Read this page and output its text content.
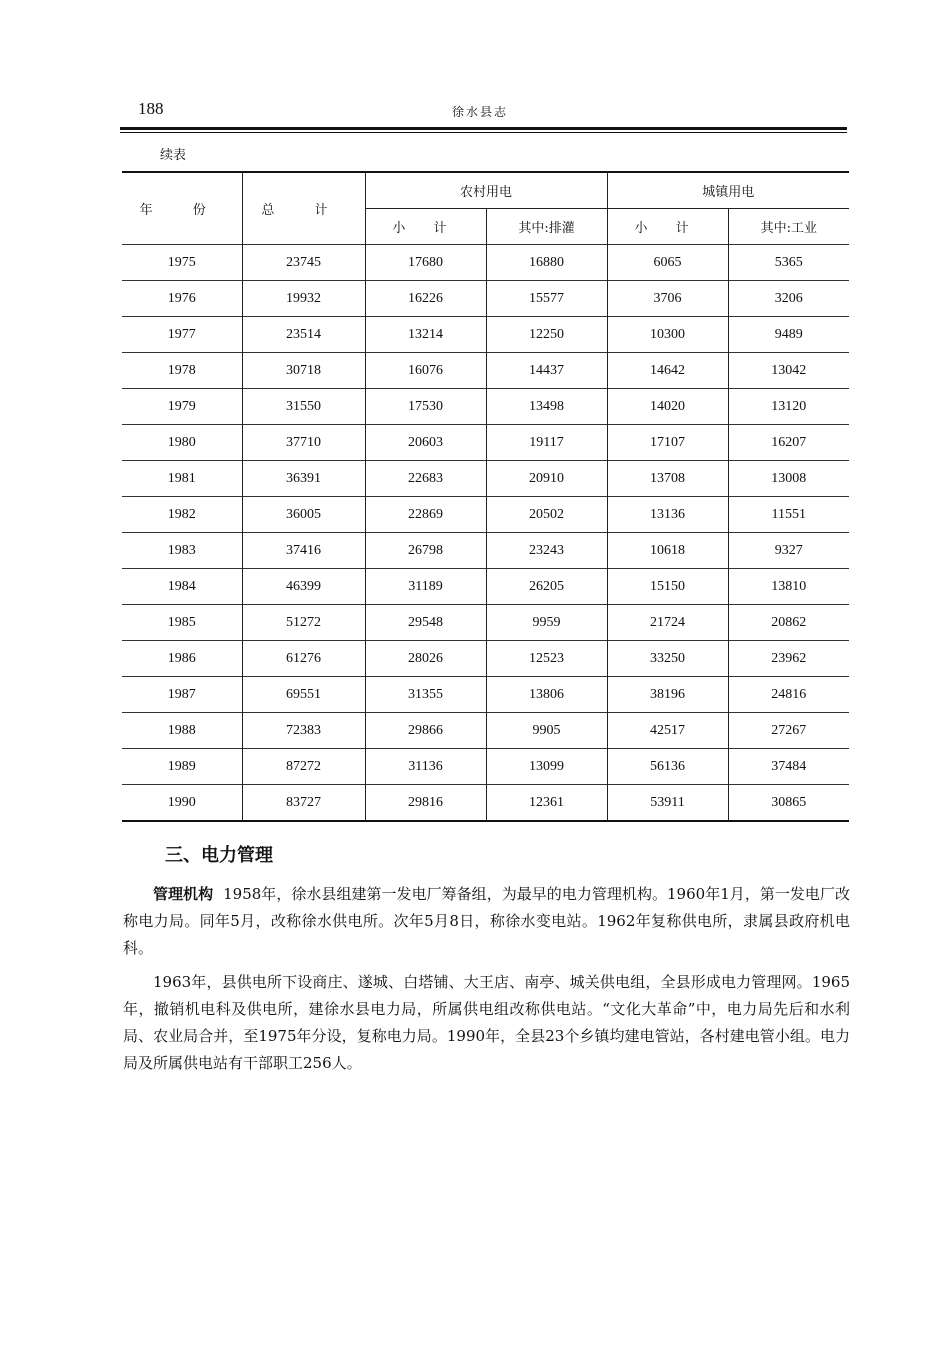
188	徐水县志
续表
年 份	总 计	农村用电		城镇用电	
		小 计	其中:排灌	小 计	其中:工业
1975	23745	17680	16880	6065	5365
1976	19932	16226	15577	3706	3206
1977	23514	13214	12250	10300	9489
1978	30718	16076	14437	14642	13042
1979	31550	17530	13498	14020	13120
1980	37710	20603	19117	17107	16207
1981	36391	22683	20910	13708	13008
1982	36005	22869	20502	13136	11551
1983	37416	26798	23243	10618	9327
1984	46399	31189	26205	15150	13810
1985	51272	29548	9959	21724	20862
1986	61276	28026	12523	33250	23962
1987	69551	31355	13806	38196	24816
1988	72383	29866	9905	42517	27267
1989	87272	31136	13099	56136	37484
1990	83727	29816	12361	53911	30865
三、电力管理

管理机构 1958年，徐水县组建第一发电厂筹备组，为最早的电力管理机构。1960年1月，第一发电厂改称电力局。同年5月，改称徐水供电所。次年5月8日，称徐水变电站。1962年复称供电所，隶属县政府机电科。

1963年，县供电所下设商庄、遂城、白塔铺、大王店、南亭、城关供电组，全县形成电力管理网。1965年，撤销机电科及供电所，建徐水县电力局，所属供电组改称供电站。“文化大革命”中，电力局先后和水利局、农业局合并，至1975年分设，复称电力局。1990年，全县23个乡镇均建电管站，各村建电管小组。电力局及所属供电站有干部职工256人。
